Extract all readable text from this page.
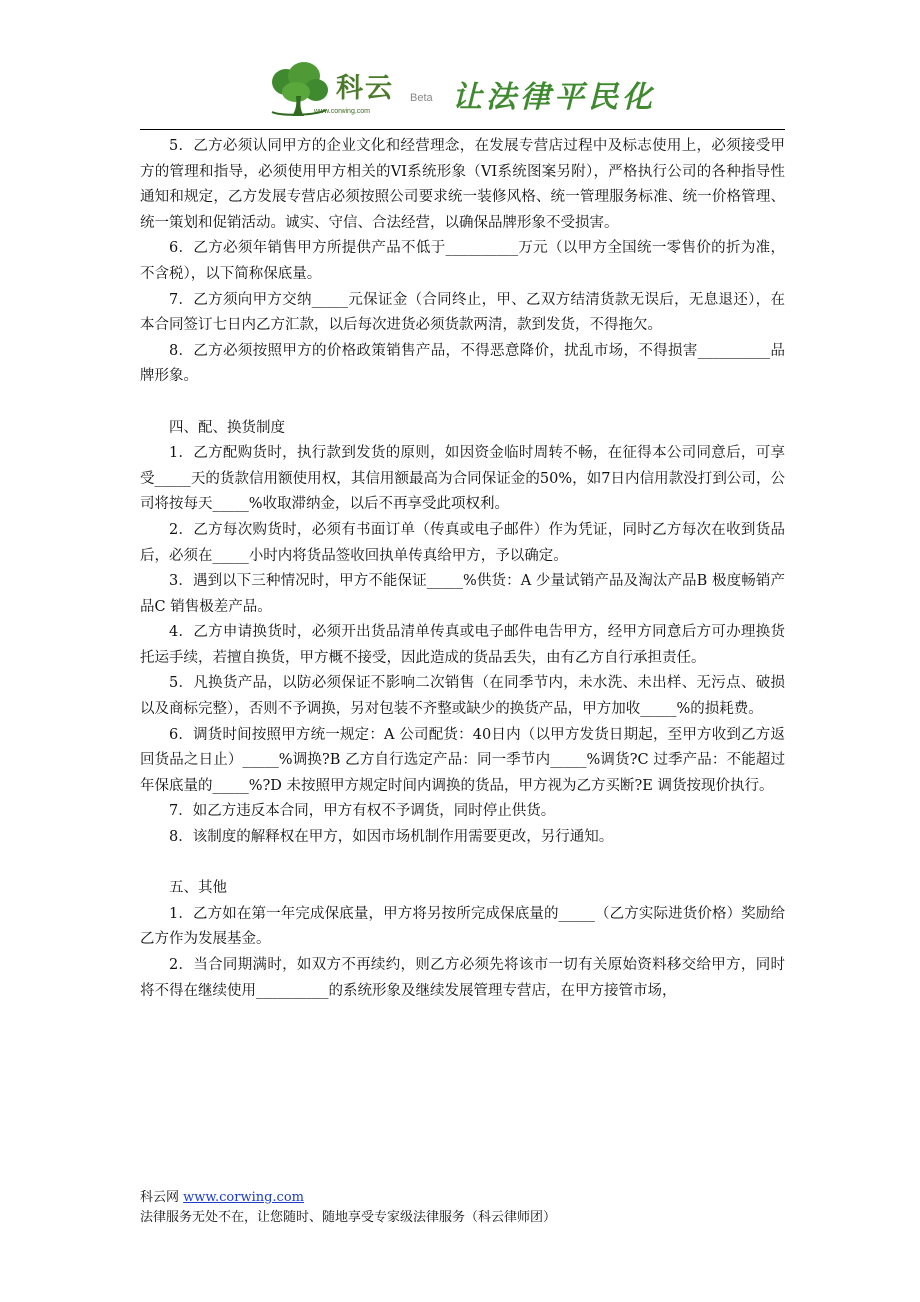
科云 Beta
www.corwing.com	让法律平民化

5．乙方必须认同甲方的企业文化和经营理念，在发展专营店过程中及标志使用上，必须接受甲方的管理和指导，必须使用甲方相关的VI系统形象（VI系统图案另附），严格执行公司的各种指导性通知和规定，乙方发展专营店必须按照公司要求统一装修风格、统一管理服务标准、统一价格管理、统一策划和促销活动。诚实、守信、合法经营，以确保品牌形象不受损害。

6．乙方必须年销售甲方所提供产品不低于__________万元（以甲方全国统一零售价的折为准，不含税），以下简称保底量。

7．乙方须向甲方交纳_____元保证金（合同终止，甲、乙双方结清货款无误后，无息退还），在本合同签订七日内乙方汇款，以后每次进货必须货款两清，款到发货，不得拖欠。

8．乙方必须按照甲方的价格政策销售产品，不得恶意降价，扰乱市场，不得损害__________品牌形象。

四、配、换货制度

1．乙方配购货时，执行款到发货的原则，如因资金临时周转不畅，在征得本公司同意后，可享受_____天的货款信用额使用权，其信用额最高为合同保证金的50%，如7日内信用款没打到公司，公司将按每天_____%收取滞纳金，以后不再享受此项权利。

2．乙方每次购货时，必须有书面订单（传真或电子邮件）作为凭证，同时乙方每次在收到货品后，必须在_____小时内将货品签收回执单传真给甲方，予以确定。

3．遇到以下三种情况时，甲方不能保证_____%供货：A 少量试销产品及淘汰产品B 极度畅销产品C 销售极差产品。

4．乙方申请换货时，必须开出货品清单传真或电子邮件电告甲方，经甲方同意后方可办理换货托运手续，若擅自换货，甲方概不接受，因此造成的货品丢失，由有乙方自行承担责任。

5．凡换货产品，以防必须保证不影响二次销售（在同季节内，未水洗、未出样、无污点、破损以及商标完整），否则不予调换，另对包装不齐整或缺少的换货产品，甲方加收_____%的损耗费。

6．调货时间按照甲方统一规定：A 公司配货：40日内（以甲方发货日期起，至甲方收到乙方返回货品之日止）_____%调换?B 乙方自行选定产品：同一季节内_____%调货?C 过季产品：不能超过年保底量的_____%?D 未按照甲方规定时间内调换的货品，甲方视为乙方买断?E 调货按现价执行。

7．如乙方违反本合同，甲方有权不予调货，同时停止供货。

8．该制度的解释权在甲方，如因市场机制作用需要更改，另行通知。

五、其他

1．乙方如在第一年完成保底量，甲方将另按所完成保底量的_____（乙方实际进货价格）奖励给乙方作为发展基金。

2．当合同期满时，如双方不再续约，则乙方必须先将该市一切有关原始资料移交给甲方，同时将不得在继续使用__________的系统形象及继续发展管理专营店，在甲方接管市场，

科云网 www.corwing.com
法律服务无处不在，让您随时、随地享受专家级法律服务（科云律师团）
